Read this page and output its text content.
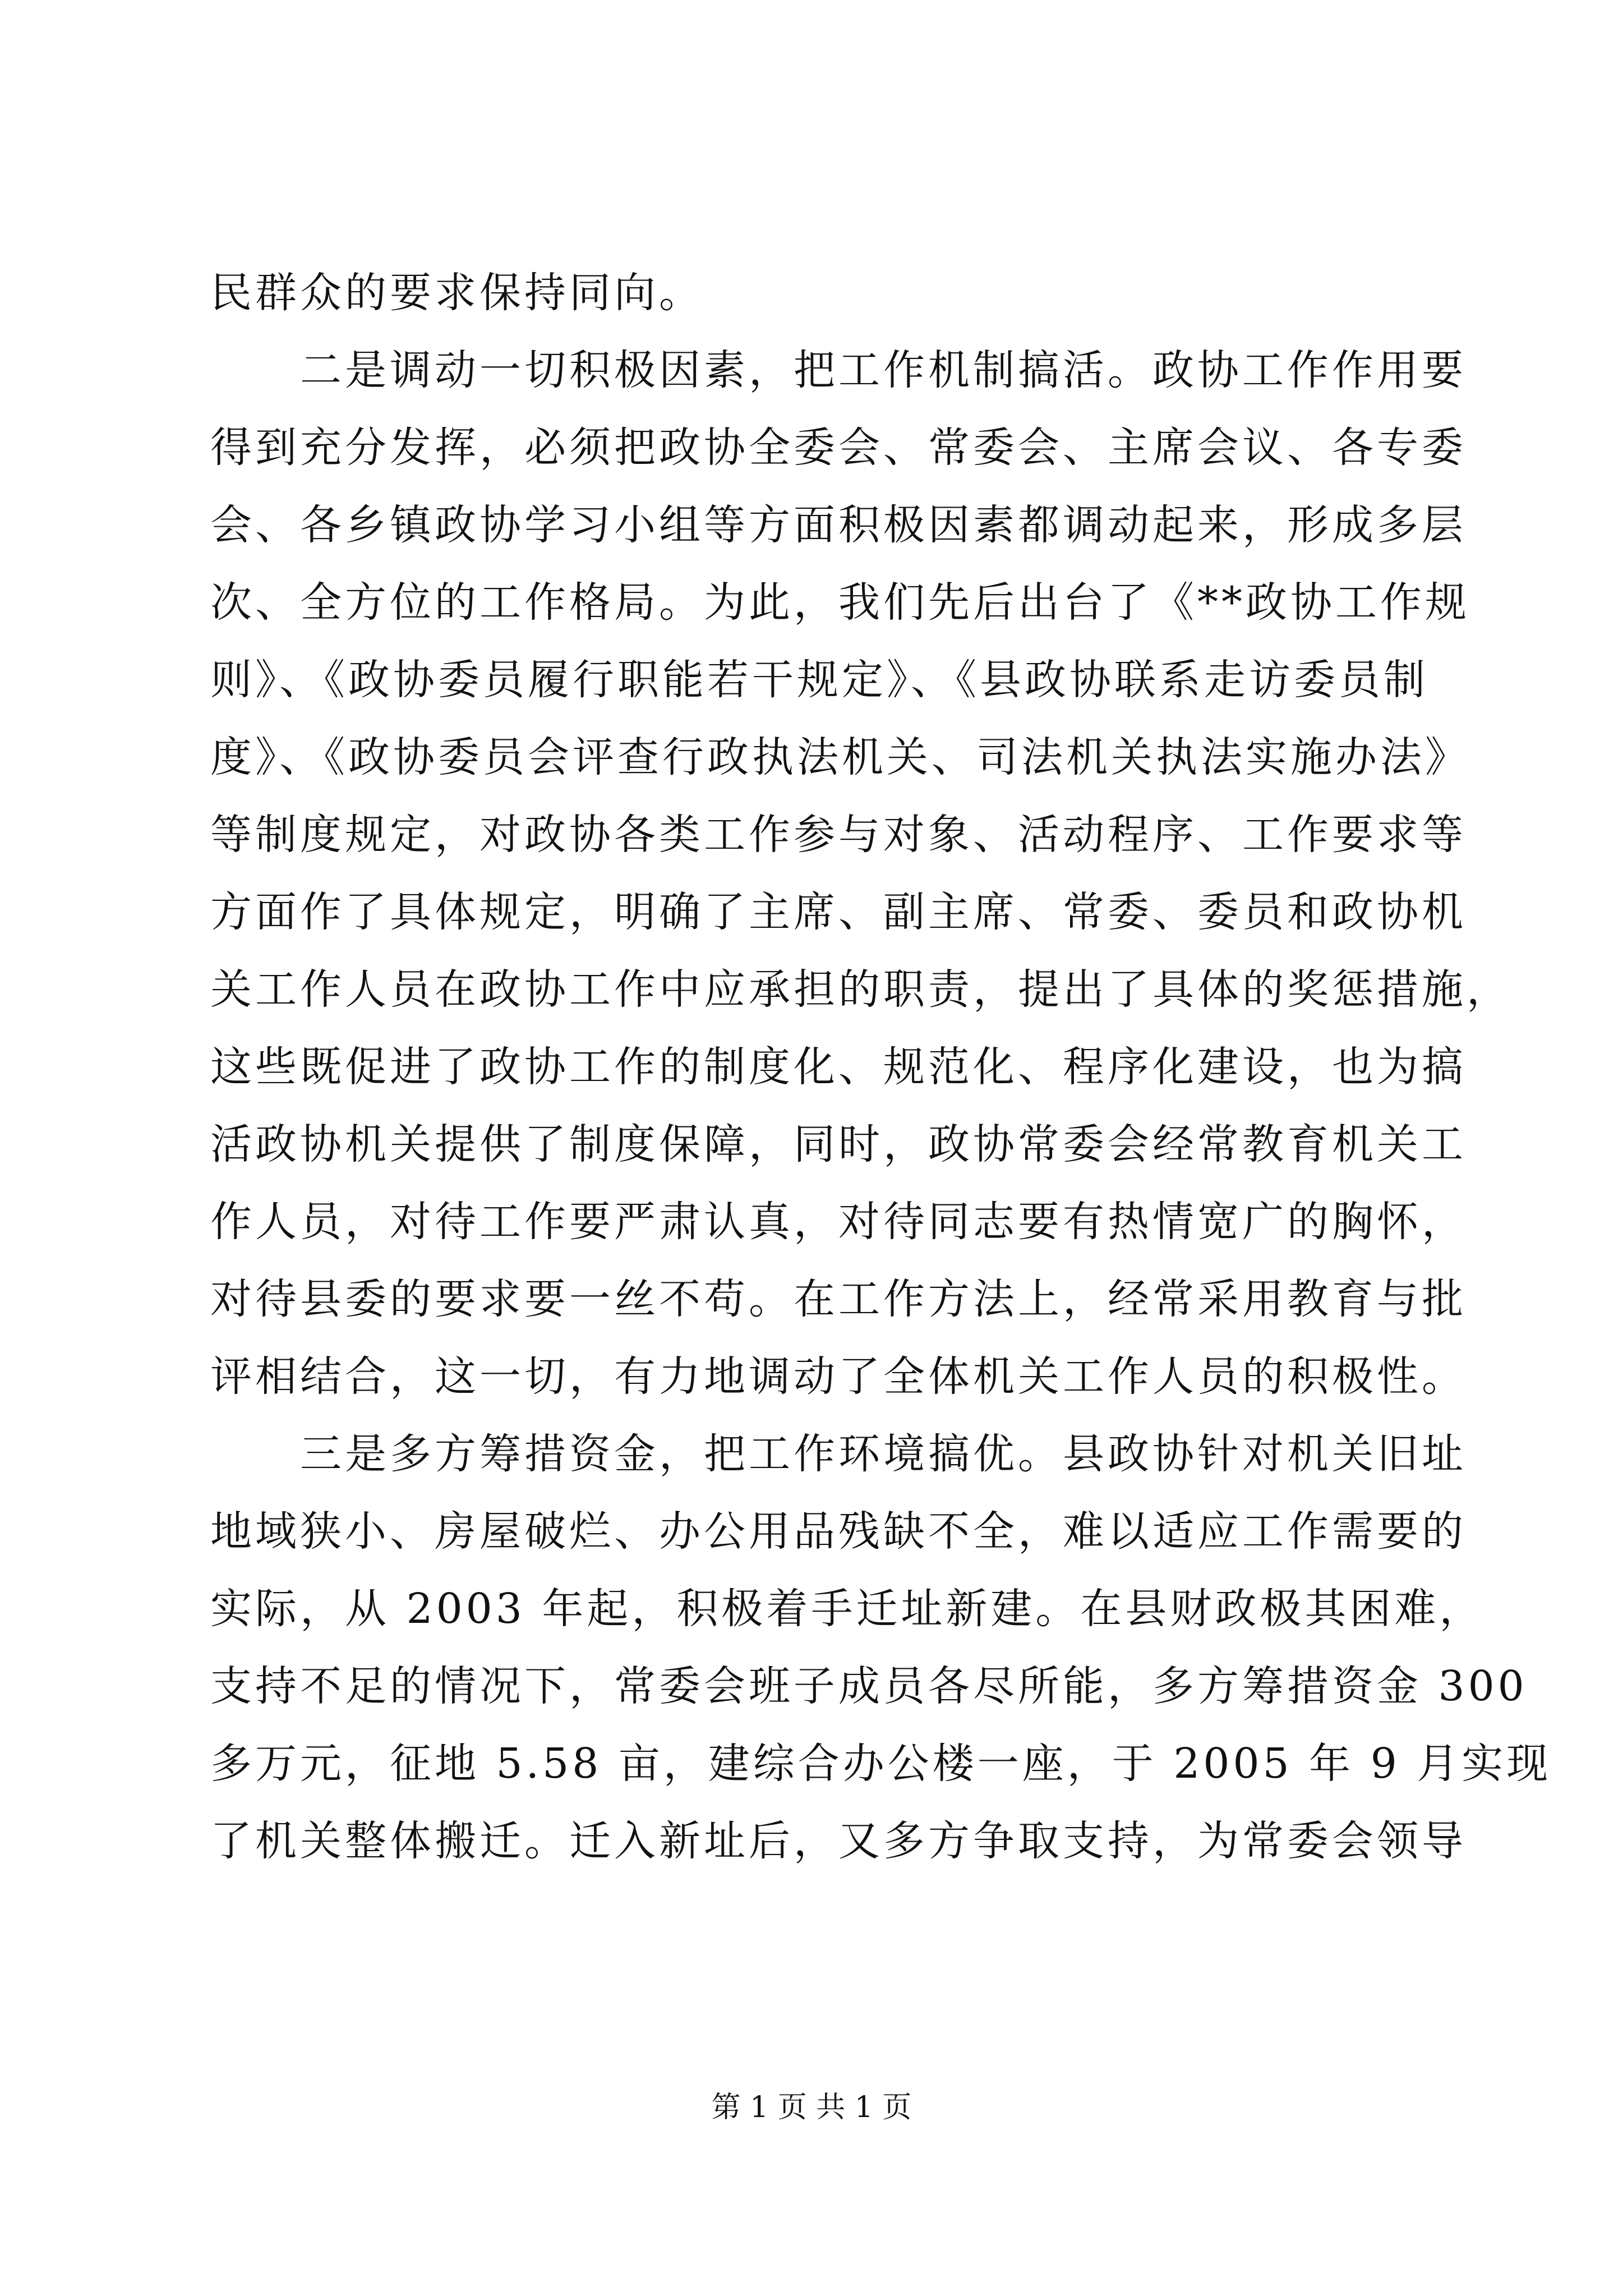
民群众的要求保持同向。
二是调动一切积极因素，把工作机制搞活。政协工作作用要
得到充分发挥，必须把政协全委会、常委会、主席会议、各专委
会、各乡镇政协学习小组等方面积极因素都调动起来，形成多层
次、全方位的工作格局。为此，我们先后出台了《**政协工作规
则》、《政协委员履行职能若干规定》、《县政协联系走访委员制
度》、《政协委员会评查行政执法机关、司法机关执法实施办法》
等制度规定，对政协各类工作参与对象、活动程序、工作要求等
方面作了具体规定，明确了主席、副主席、常委、委员和政协机
关工作人员在政协工作中应承担的职责，提出了具体的奖惩措施，
这些既促进了政协工作的制度化、规范化、程序化建设，也为搞
活政协机关提供了制度保障，同时，政协常委会经常教育机关工
作人员，对待工作要严肃认真，对待同志要有热情宽广的胸怀，
对待县委的要求要一丝不苟。在工作方法上，经常采用教育与批
评相结合，这一切，有力地调动了全体机关工作人员的积极性。
三是多方筹措资金，把工作环境搞优。县政协针对机关旧址
地域狭小、房屋破烂、办公用品残缺不全，难以适应工作需要的
实际，从 2003 年起，积极着手迁址新建。在县财政极其困难，
支持不足的情况下，常委会班子成员各尽所能，多方筹措资金 300
多万元，征地 5.58 亩，建综合办公楼一座，于 2005 年 9 月实现
了机关整体搬迁。迁入新址后，又多方争取支持，为常委会领导
第 1 页 共 1 页
